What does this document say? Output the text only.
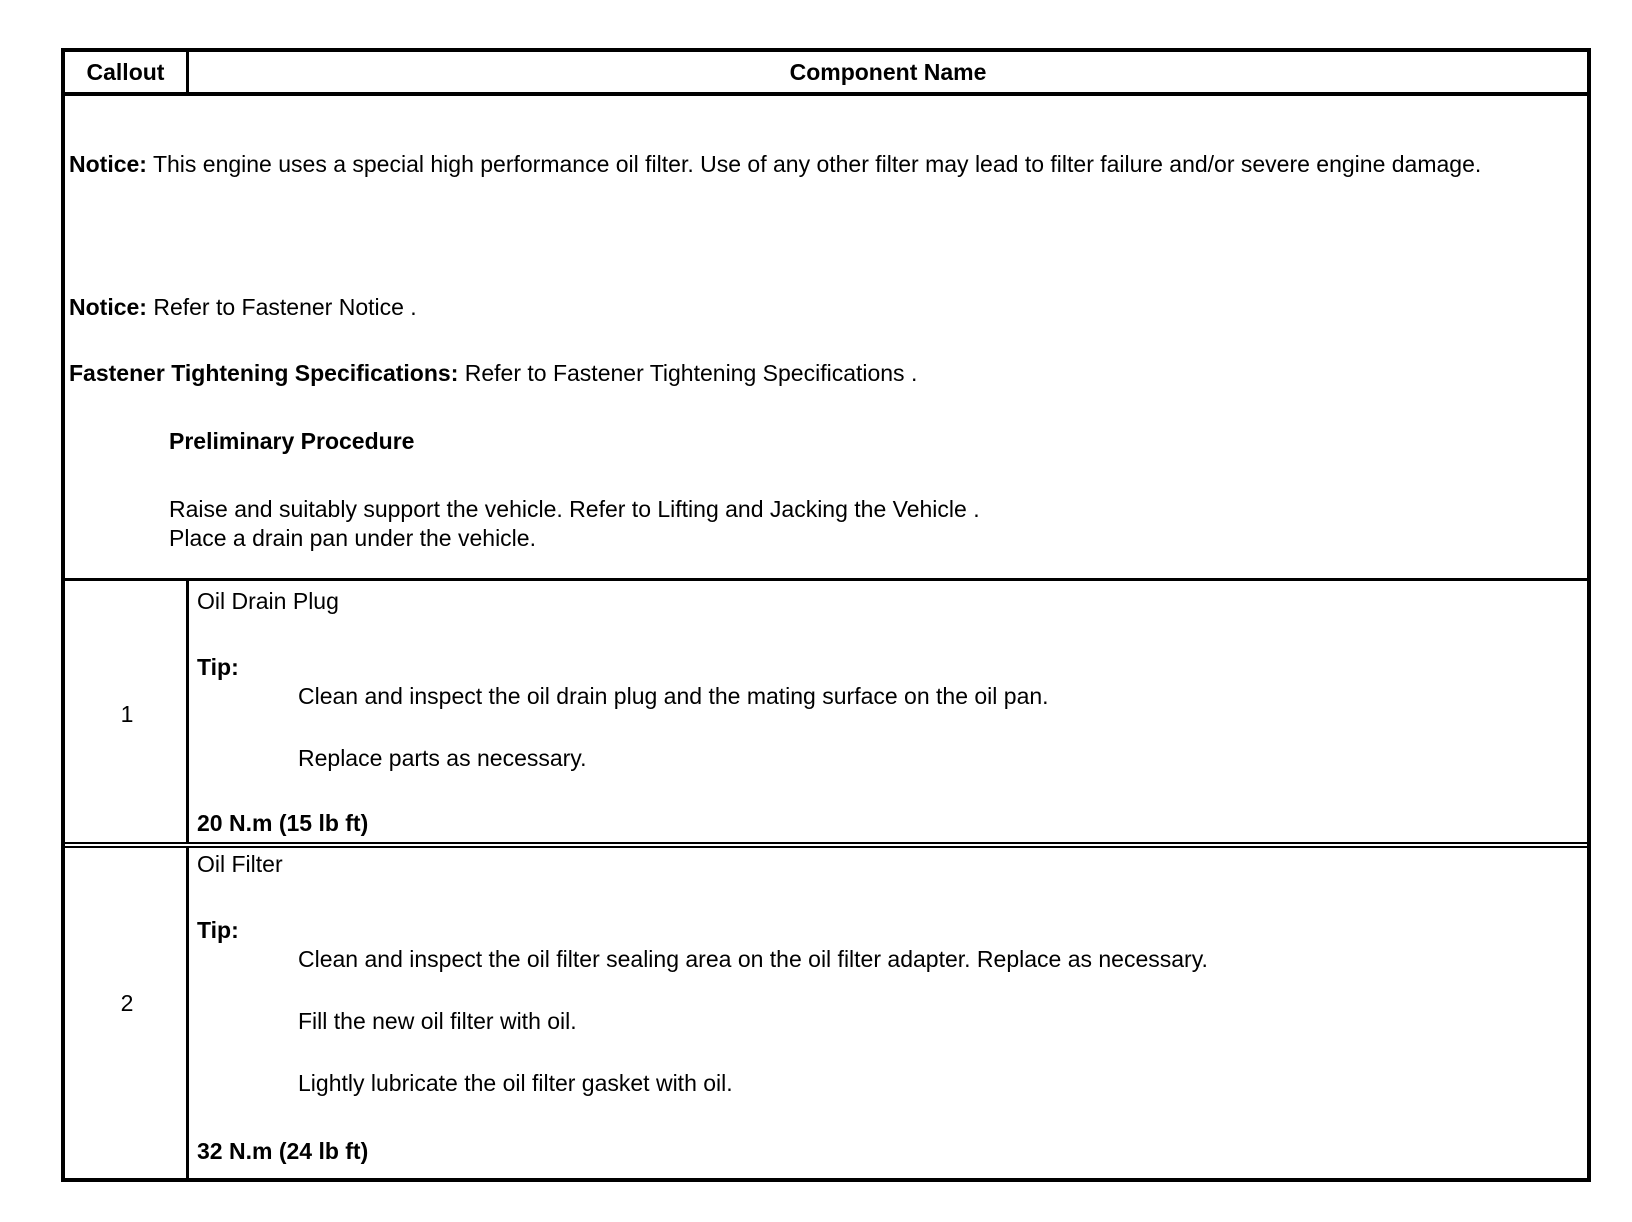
Callout	Component Name
Notice: This engine uses a special high performance oil filter. Use of any other filter may lead to filter failure and/or severe engine damage.
Notice: Refer to Fastener Notice .
Fastener Tightening Specifications: Refer to Fastener Tightening Specifications .
Preliminary Procedure
Raise and suitably support the vehicle. Refer to Lifting and Jacking the Vehicle .
Place a drain pan under the vehicle.
1
Oil Drain Plug
Tip:
Clean and inspect the oil drain plug and the mating surface on the oil pan.
Replace parts as necessary.
20 N.m (15 lb ft)
2
Oil Filter
Tip:
Clean and inspect the oil filter sealing area on the oil filter adapter. Replace as necessary.
Fill the new oil filter with oil.
Lightly lubricate the oil filter gasket with oil.
32 N.m (24 lb ft)
